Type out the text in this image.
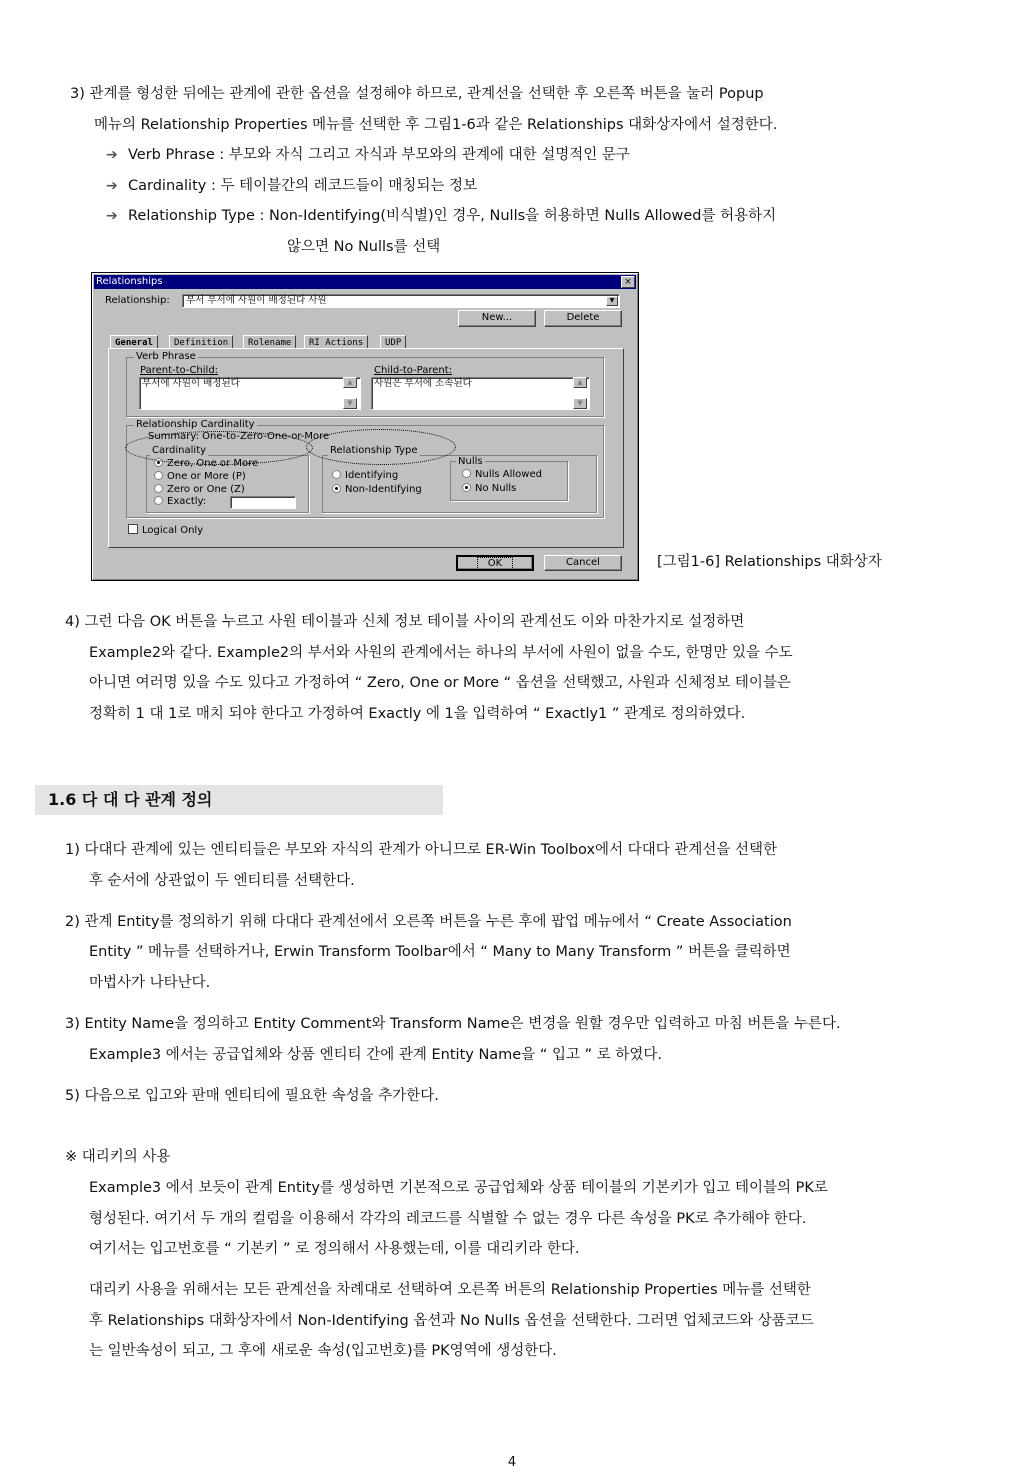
3) 관계를 형성한 뒤에는 관계에 관한 옵션을 설정해야 하므로, 관계선을 선택한 후 오른쪽 버튼을 눌러 Popup
메뉴의 Relationship Properties 메뉴를 선택한 후 그림1-6과 같은 Relationships 대화상자에서 설정한다.
➔ Verb Phrase : 부모와 자식 그리고 자식과 부모와의 관계에 대한 설명적인 문구
➔ Cardinality : 두 테이블간의 레코드들이 매칭되는 정보
➔ Relationship Type : Non-Identifying(비식별)인 경우, Nulls을 허용하면 Nulls Allowed를 허용하지
않으면 No Nulls를 선택
Relationships	×
Relationship:	부서 부서에 사원이 배정된다 사원	▼
New...	Delete
General	Definition	Rolename	RI Actions	UDP
Verb Phrase
Parent-to-Child:
부서에 사원이 배정된다	▲
▼
Child-to-Parent:
사원은 부서에 소속된다	▲
▼
Relationship Cardinality
Summary: One-to-Zero-One-or-More
Cardinality
Zero, One or More
One or More (P)
Zero or One (Z)
Exactly:
Relationship Type
Identifying
Non-Identifying
Nulls
Nulls Allowed
No Nulls
Logical Only
OK	Cancel	[그림1-6] Relationships 대화상자
4) 그런 다음 OK 버튼을 누르고 사원 테이블과 신체 정보 테이블 사이의 관계선도 이와 마찬가지로 설정하면
Example2와 같다. Example2의 부서와 사원의 관계에서는 하나의 부서에 사원이 없을 수도, 한명만 있을 수도
아니면 여러명 있을 수도 있다고 가정하여 “ Zero, One or More “ 옵션을 선택했고, 사원과 신체정보 테이블은
정확히 1 대 1로 매치 되야 한다고 가정하여 Exactly 에 1을 입력하여 “ Exactly1 ” 관계로 정의하였다.
1.6 다 대 다 관계 정의
1) 다대다 관계에 있는 엔티티들은 부모와 자식의 관계가 아니므로 ER-Win Toolbox에서 다대다 관계선을 선택한
후 순서에 상관없이 두 엔티티를 선택한다.
2) 관계 Entity를 정의하기 위해 다대다 관계선에서 오른쪽 버튼을 누른 후에 팝업 메뉴에서 “ Create Association
Entity ” 메뉴를 선택하거나, Erwin Transform Toolbar에서 “ Many to Many Transform ” 버튼을 클릭하면
마법사가 나타난다.
3) Entity Name을 정의하고 Entity Comment와 Transform Name은 변경을 원할 경우만 입력하고 마침 버튼을 누른다.
Example3 에서는 공급업체와 상품 엔티티 간에 관계 Entity Name을 “ 입고 ” 로 하였다.
5) 다음으로 입고와 판매 엔티티에 필요한 속성을 추가한다.
※ 대리키의 사용
Example3 에서 보듯이 관계 Entity를 생성하면 기본적으로 공급업체와 상품 테이블의 기본키가 입고 테이블의 PK로
형성된다. 여기서 두 개의 컬럼을 이용해서 각각의 레코드를 식별할 수 없는 경우 다른 속성을 PK로 추가해야 한다.
여기서는 입고번호를 “ 기본키 ” 로 정의해서 사용했는데, 이를 대리키라 한다.
대리키 사용을 위해서는 모든 관계선을 차례대로 선택하여 오른쪽 버튼의 Relationship Properties 메뉴를 선택한
후 Relationships 대화상자에서 Non-Identifying 옵션과 No Nulls 옵션을 선택한다. 그러면 업체코드와 상품코드
는 일반속성이 되고, 그 후에 새로운 속성(입고번호)를 PK영역에 생성한다.
4
